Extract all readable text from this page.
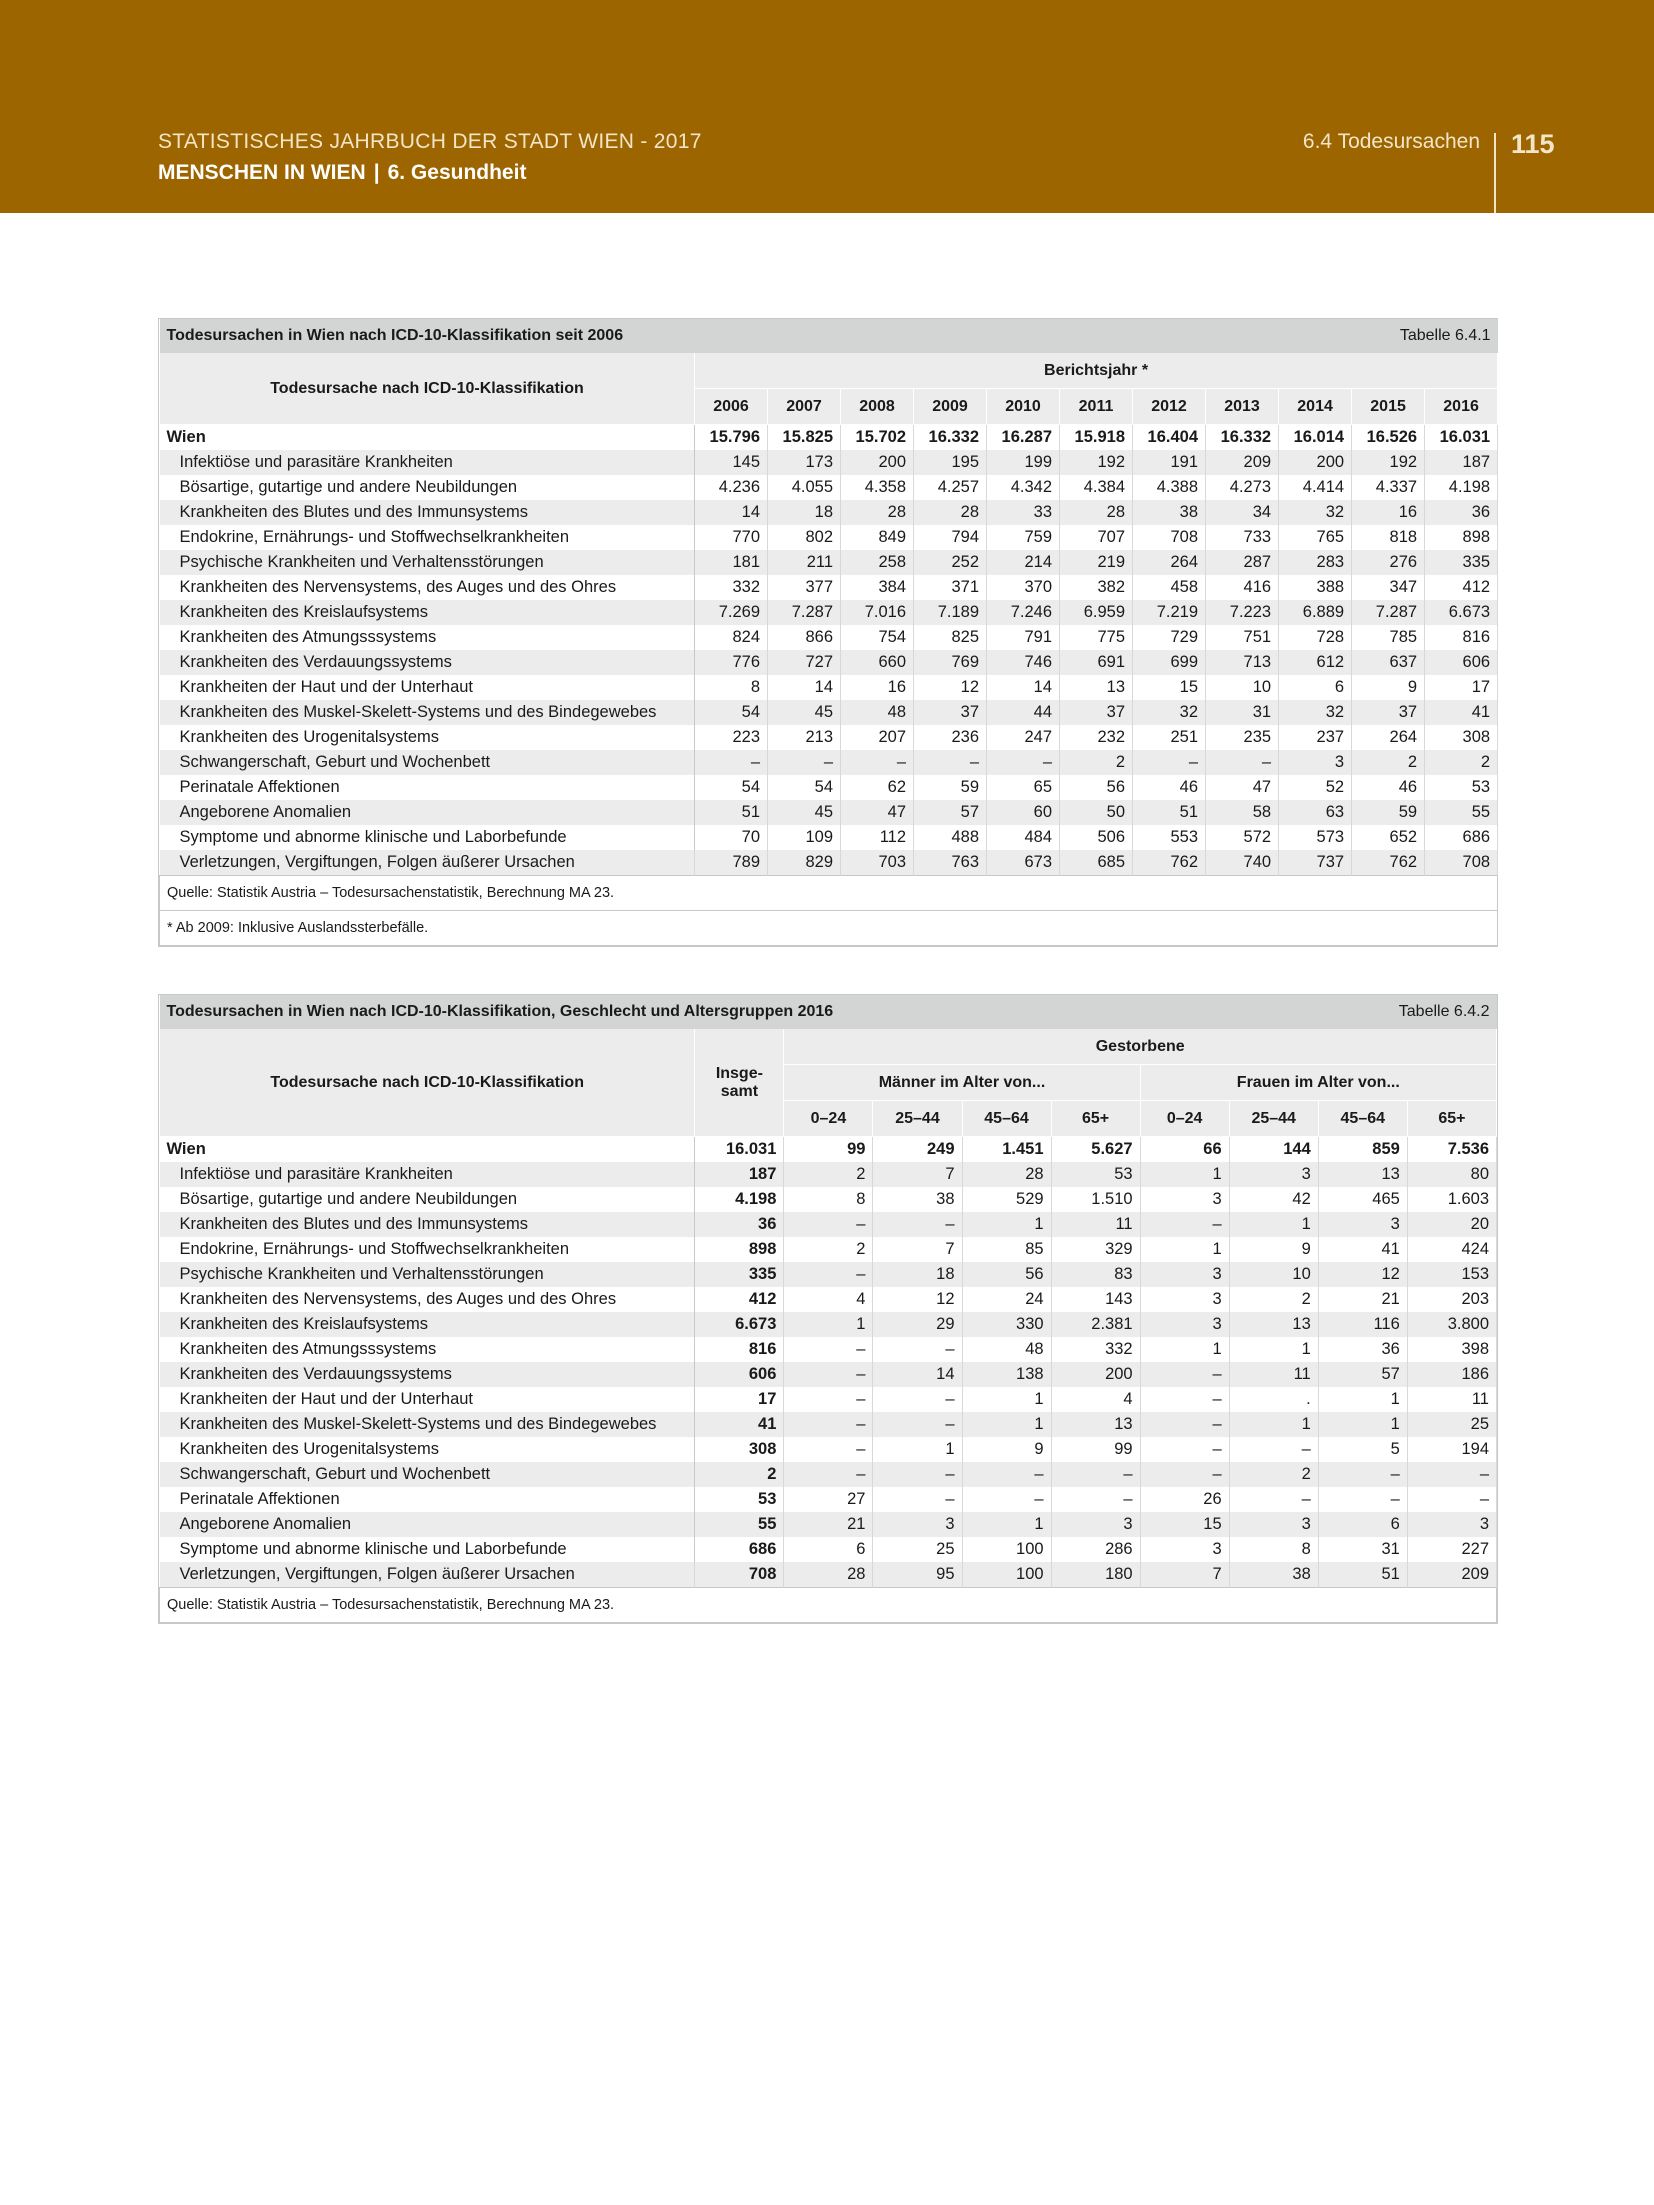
STATISTISCHES JAHRBUCH DER STADT WIEN - 2017
MENSCHEN IN WIEN | 6. Gesundheit
6.4 Todesursachen 115
Todesursachen in Wien nach ICD-10-Klassifikation seit 2006									Tabelle 6.4.1		
Todesursache nach ICD-10-Klassifikation	Berichtsjahr *										
	2006	2007	2008	2009	2010	2011	2012	2013	2014	2015	2016
Wien	15.796	15.825	15.702	16.332	16.287	15.918	16.404	16.332	16.014	16.526	16.031
Infektiöse und parasitäre Krankheiten	145	173	200	195	199	192	191	209	200	192	187
Bösartige, gutartige und andere Neubildungen	4.236	4.055	4.358	4.257	4.342	4.384	4.388	4.273	4.414	4.337	4.198
Krankheiten des Blutes und des Immunsystems	14	18	28	28	33	28	38	34	32	16	36
Endokrine, Ernährungs- und Stoffwechselkrankheiten	770	802	849	794	759	707	708	733	765	818	898
Psychische Krankheiten und Verhaltensstörungen	181	211	258	252	214	219	264	287	283	276	335
Krankheiten des Nervensystems, des Auges und des Ohres	332	377	384	371	370	382	458	416	388	347	412
Krankheiten des Kreislaufsystems	7.269	7.287	7.016	7.189	7.246	6.959	7.219	7.223	6.889	7.287	6.673
Krankheiten des Atmungsssystems	824	866	754	825	791	775	729	751	728	785	816
Krankheiten des Verdauungssystems	776	727	660	769	746	691	699	713	612	637	606
Krankheiten der Haut und der Unterhaut	8	14	16	12	14	13	15	10	6	9	17
Krankheiten des Muskel-Skelett-Systems und des Bindegewebes	54	45	48	37	44	37	32	31	32	37	41
Krankheiten des Urogenitalsystems	223	213	207	236	247	232	251	235	237	264	308
Schwangerschaft, Geburt und Wochenbett	–	–	–	–	–	2	–	–	3	2	2
Perinatale Affektionen	54	54	62	59	65	56	46	47	52	46	53
Angeborene Anomalien	51	45	47	57	60	50	51	58	63	59	55
Symptome und abnorme klinische und Laborbefunde	70	109	112	488	484	506	553	572	573	652	686
Verletzungen, Vergiftungen, Folgen äußerer Ursachen	789	829	703	763	673	685	762	740	737	762	708
Quelle: Statistik Austria – Todesursachenstatistik, Berechnung MA 23.											
* Ab 2009: Inklusive Auslandssterbefälle.											
Todesursachen in Wien nach ICD-10-Klassifikation, Geschlecht und Altersgruppen 2016								Tabelle 6.4.2	
Todesursache nach ICD-10-Klassifikation	Insge-
samt	Gestorbene							
		Männer im Alter von...				Frauen im Alter von...			
		0–24	25–44	45–64	65+	0–24	25–44	45–64	65+
Wien	16.031	99	249	1.451	5.627	66	144	859	7.536
Infektiöse und parasitäre Krankheiten	187	2	7	28	53	1	3	13	80
Bösartige, gutartige und andere Neubildungen	4.198	8	38	529	1.510	3	42	465	1.603
Krankheiten des Blutes und des Immunsystems	36	–	–	1	11	–	1	3	20
Endokrine, Ernährungs- und Stoffwechselkrankheiten	898	2	7	85	329	1	9	41	424
Psychische Krankheiten und Verhaltensstörungen	335	–	18	56	83	3	10	12	153
Krankheiten des Nervensystems, des Auges und des Ohres	412	4	12	24	143	3	2	21	203
Krankheiten des Kreislaufsystems	6.673	1	29	330	2.381	3	13	116	3.800
Krankheiten des Atmungsssystems	816	–	–	48	332	1	1	36	398
Krankheiten des Verdauungssystems	606	–	14	138	200	–	11	57	186
Krankheiten der Haut und der Unterhaut	17	–	–	1	4	–	.	1	11
Krankheiten des Muskel-Skelett-Systems und des Bindegewebes	41	–	–	1	13	–	1	1	25
Krankheiten des Urogenitalsystems	308	–	1	9	99	–	–	5	194
Schwangerschaft, Geburt und Wochenbett	2	–	–	–	–	–	2	–	–
Perinatale Affektionen	53	27	–	–	–	26	–	–	–
Angeborene Anomalien	55	21	3	1	3	15	3	6	3
Symptome und abnorme klinische und Laborbefunde	686	6	25	100	286	3	8	31	227
Verletzungen, Vergiftungen, Folgen äußerer Ursachen	708	28	95	100	180	7	38	51	209
Quelle: Statistik Austria – Todesursachenstatistik, Berechnung MA 23.									
